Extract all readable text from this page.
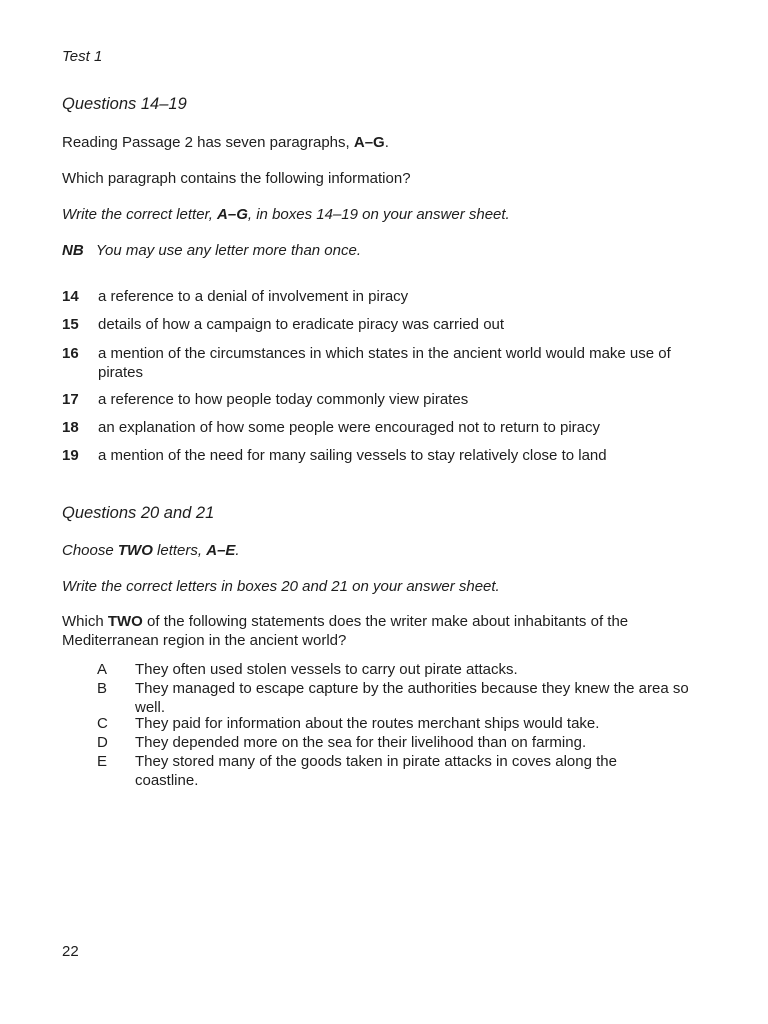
Test 1
Questions 14–19
Reading Passage 2 has seven paragraphs, A–G.
Which paragraph contains the following information?
Write the correct letter, A–G, in boxes 14–19 on your answer sheet.
NB You may use any letter more than once.
14 a reference to a denial of involvement in piracy
15 details of how a campaign to eradicate piracy was carried out
16 a mention of the circumstances in which states in the ancient world would make use of pirates
17 a reference to how people today commonly view pirates
18 an explanation of how some people were encouraged not to return to piracy
19 a mention of the need for many sailing vessels to stay relatively close to land
Questions 20 and 21
Choose TWO letters, A–E.
Write the correct letters in boxes 20 and 21 on your answer sheet.
Which TWO of the following statements does the writer make about inhabitants of the Mediterranean region in the ancient world?
A They often used stolen vessels to carry out pirate attacks.
B They managed to escape capture by the authorities because they knew the area so well.
C They paid for information about the routes merchant ships would take.
D They depended more on the sea for their livelihood than on farming.
E They stored many of the goods taken in pirate attacks in coves along the coastline.
22
